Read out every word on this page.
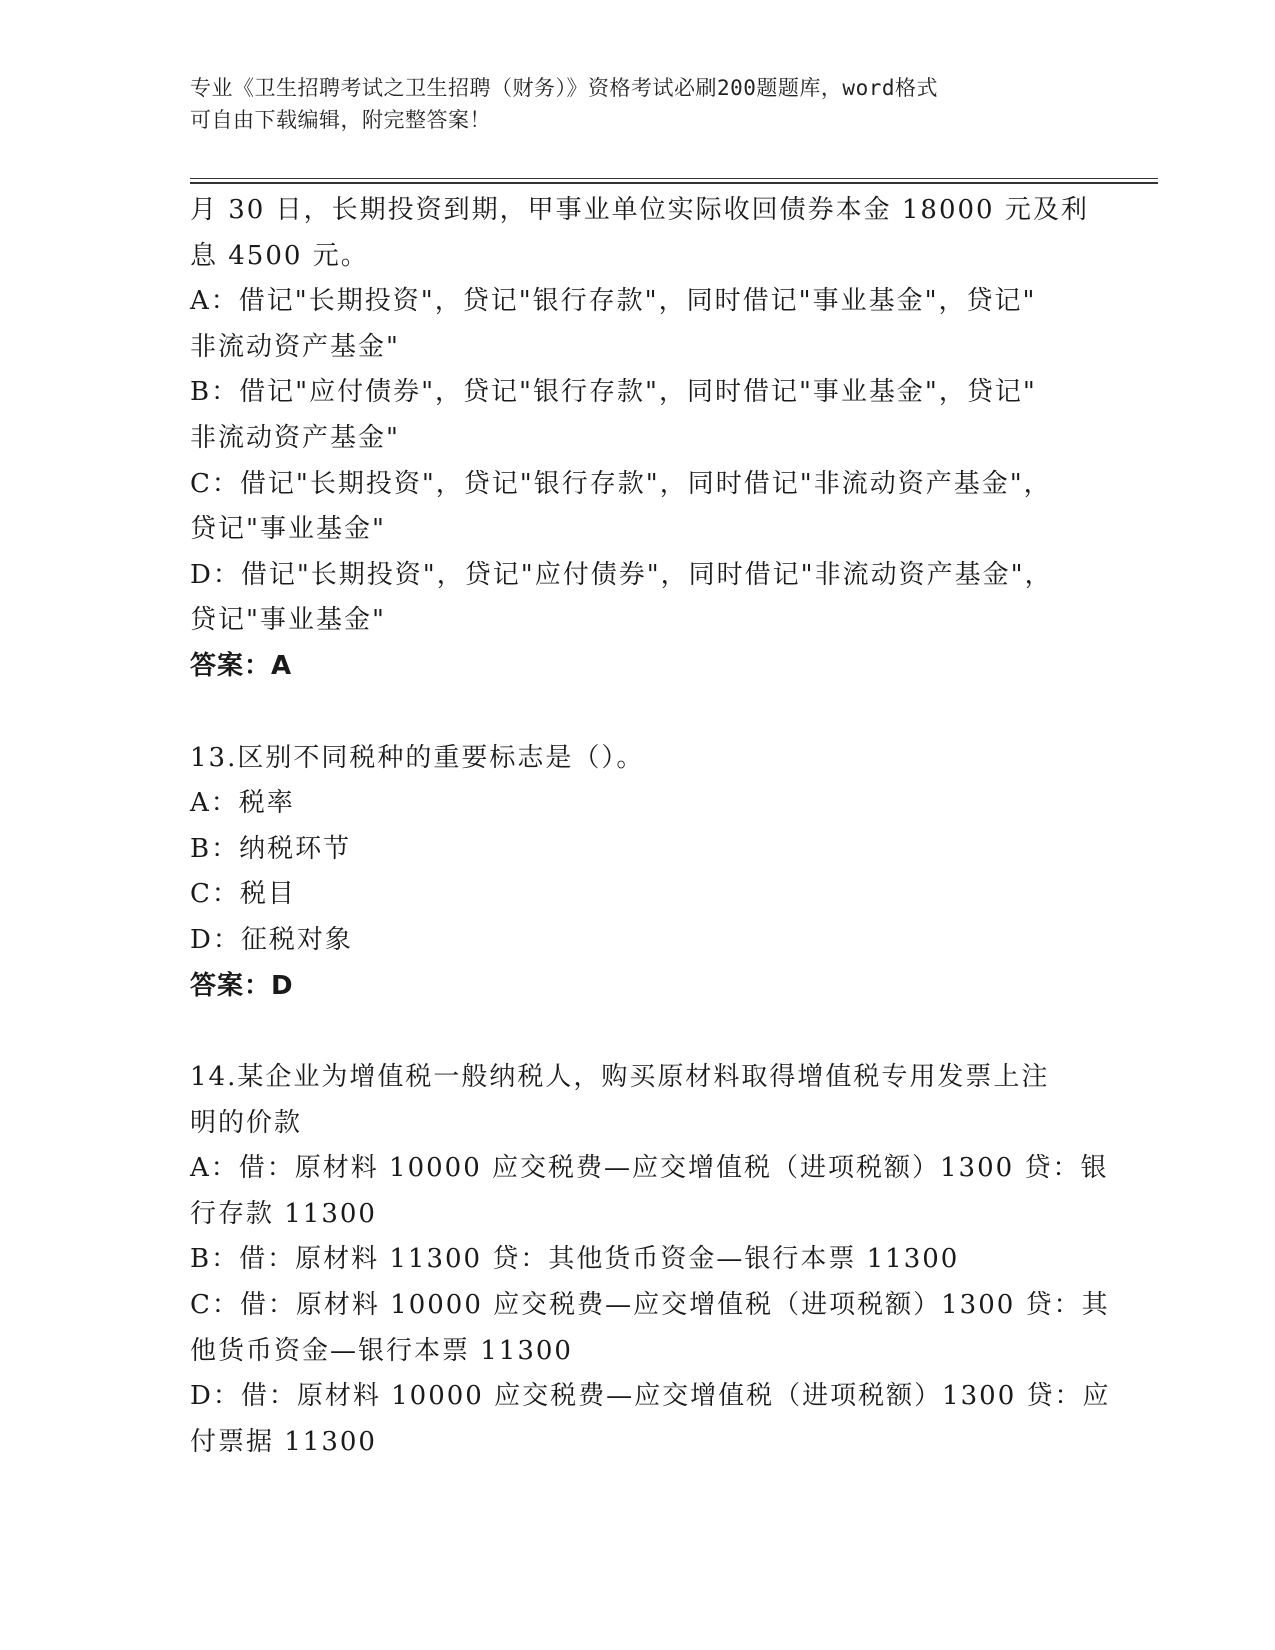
专业《卫生招聘考试之卫生招聘（财务）》资格考试必刷200题题库，word格式
可自由下载编辑，附完整答案！
月 30 日，长期投资到期，甲事业单位实际收回债券本金 18000 元及利
息 4500 元。
A：借记"长期投资"，贷记"银行存款"，同时借记"事业基金"，贷记"
非流动资产基金"
B：借记"应付债券"，贷记"银行存款"，同时借记"事业基金"，贷记"
非流动资产基金"
C：借记"长期投资"，贷记"银行存款"，同时借记"非流动资产基金"，
贷记"事业基金"
D：借记"长期投资"，贷记"应付债券"，同时借记"非流动资产基金"，
贷记"事业基金"
答案：A
13.区别不同税种的重要标志是（）。
A：税率
B：纳税环节
C：税目
D：征税对象
答案：D
14.某企业为增值税一般纳税人，购买原材料取得增值税专用发票上注
明的价款
A：借：原材料 10000 应交税费—应交增值税（进项税额）1300 贷：银
行存款 11300
B：借：原材料 11300 贷：其他货币资金—银行本票 11300
C：借：原材料 10000 应交税费—应交增值税（进项税额）1300 贷：其
他货币资金—银行本票 11300
D：借：原材料 10000 应交税费—应交增值税（进项税额）1300 贷：应
付票据 11300
